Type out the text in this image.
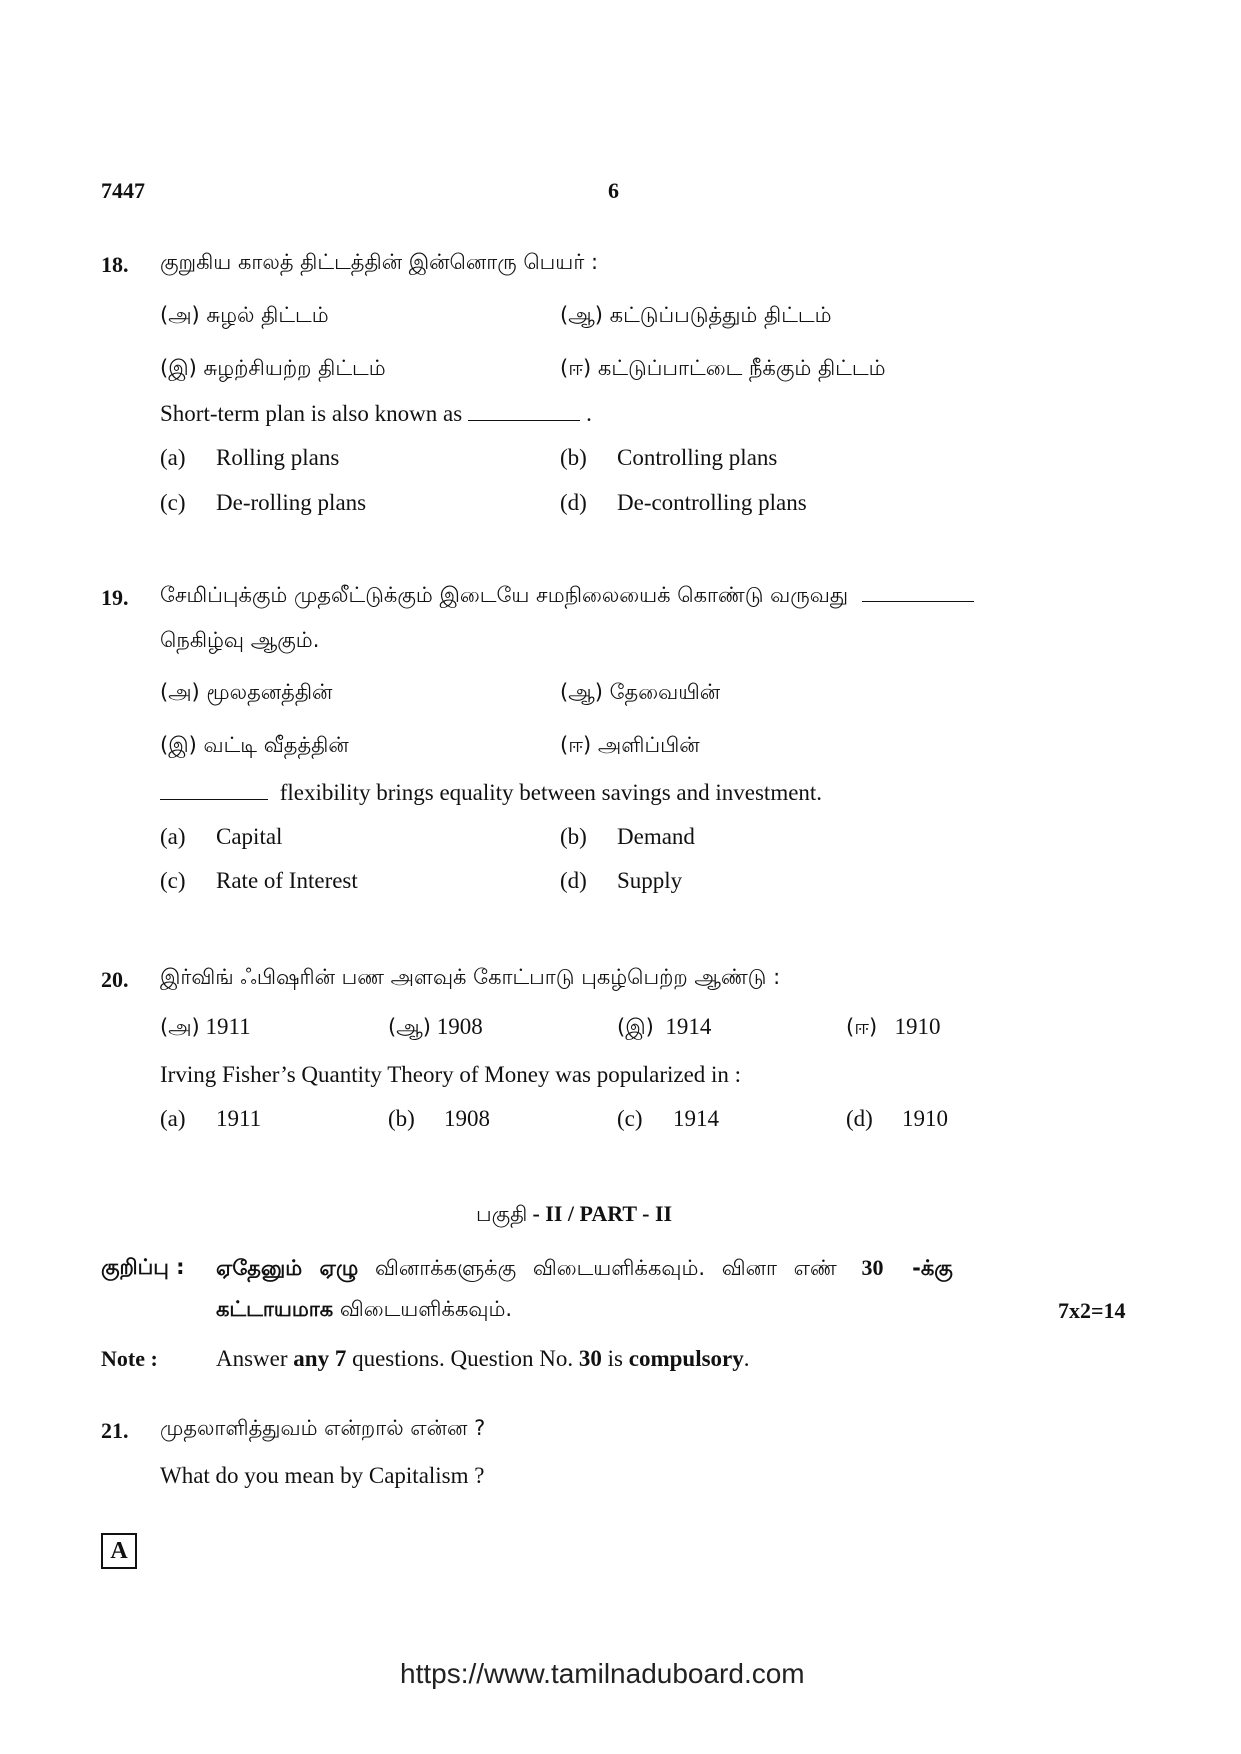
7447	6
18. குறுகிய காலத் திட்டத்தின் இன்னொரு பெயர் :
(அ) சுழல் திட்டம்	(ஆ) கட்டுப்படுத்தும் திட்டம்
(இ) சுழற்சியற்ற திட்டம்	(ஈ) கட்டுப்பாட்டை நீக்கும் திட்டம்
Short-term plan is also known as	.
(a) Rolling plans	(b) Controlling plans
(c) De-rolling plans	(d) De-controlling plans
19. சேமிப்புக்கும் முதலீட்டுக்கும் இடையே சமநிலையைக் கொண்டு வருவது
நெகிழ்வு ஆகும்.
(அ) மூலதனத்தின்	(ஆ) தேவையின்
(இ) வட்டி வீதத்தின்	(ஈ) அளிப்பின்
flexibility brings equality between savings and investment.
(a) Capital	(b) Demand
(c) Rate of Interest	(d) Supply
20. இர்விங் ஃபிஷரின் பண அளவுக் கோட்பாடு புகழ்பெற்ற ஆண்டு :
(அ) 1911	(ஆ) 1908	(இ) 1914	(ஈ) 1910
Irving Fisher’s Quantity Theory of Money was popularized in :
(a) 1911	(b) 1908	(c) 1914	(d) 1910
பகுதி - II / PART - II
குறிப்பு : ஏதேனும் ஏழு வினாக்களுக்கு விடையளிக்கவும். வினா எண் 30 -க்கு
கட்டாயமாக விடையளிக்கவும்.	7x2=14
Note :	Answer any 7 questions. Question No. 30 is compulsory.
21. முதலாளித்துவம் என்றால் என்ன ?
What do you mean by Capitalism ?
A
https://www.tamilnaduboard.com
